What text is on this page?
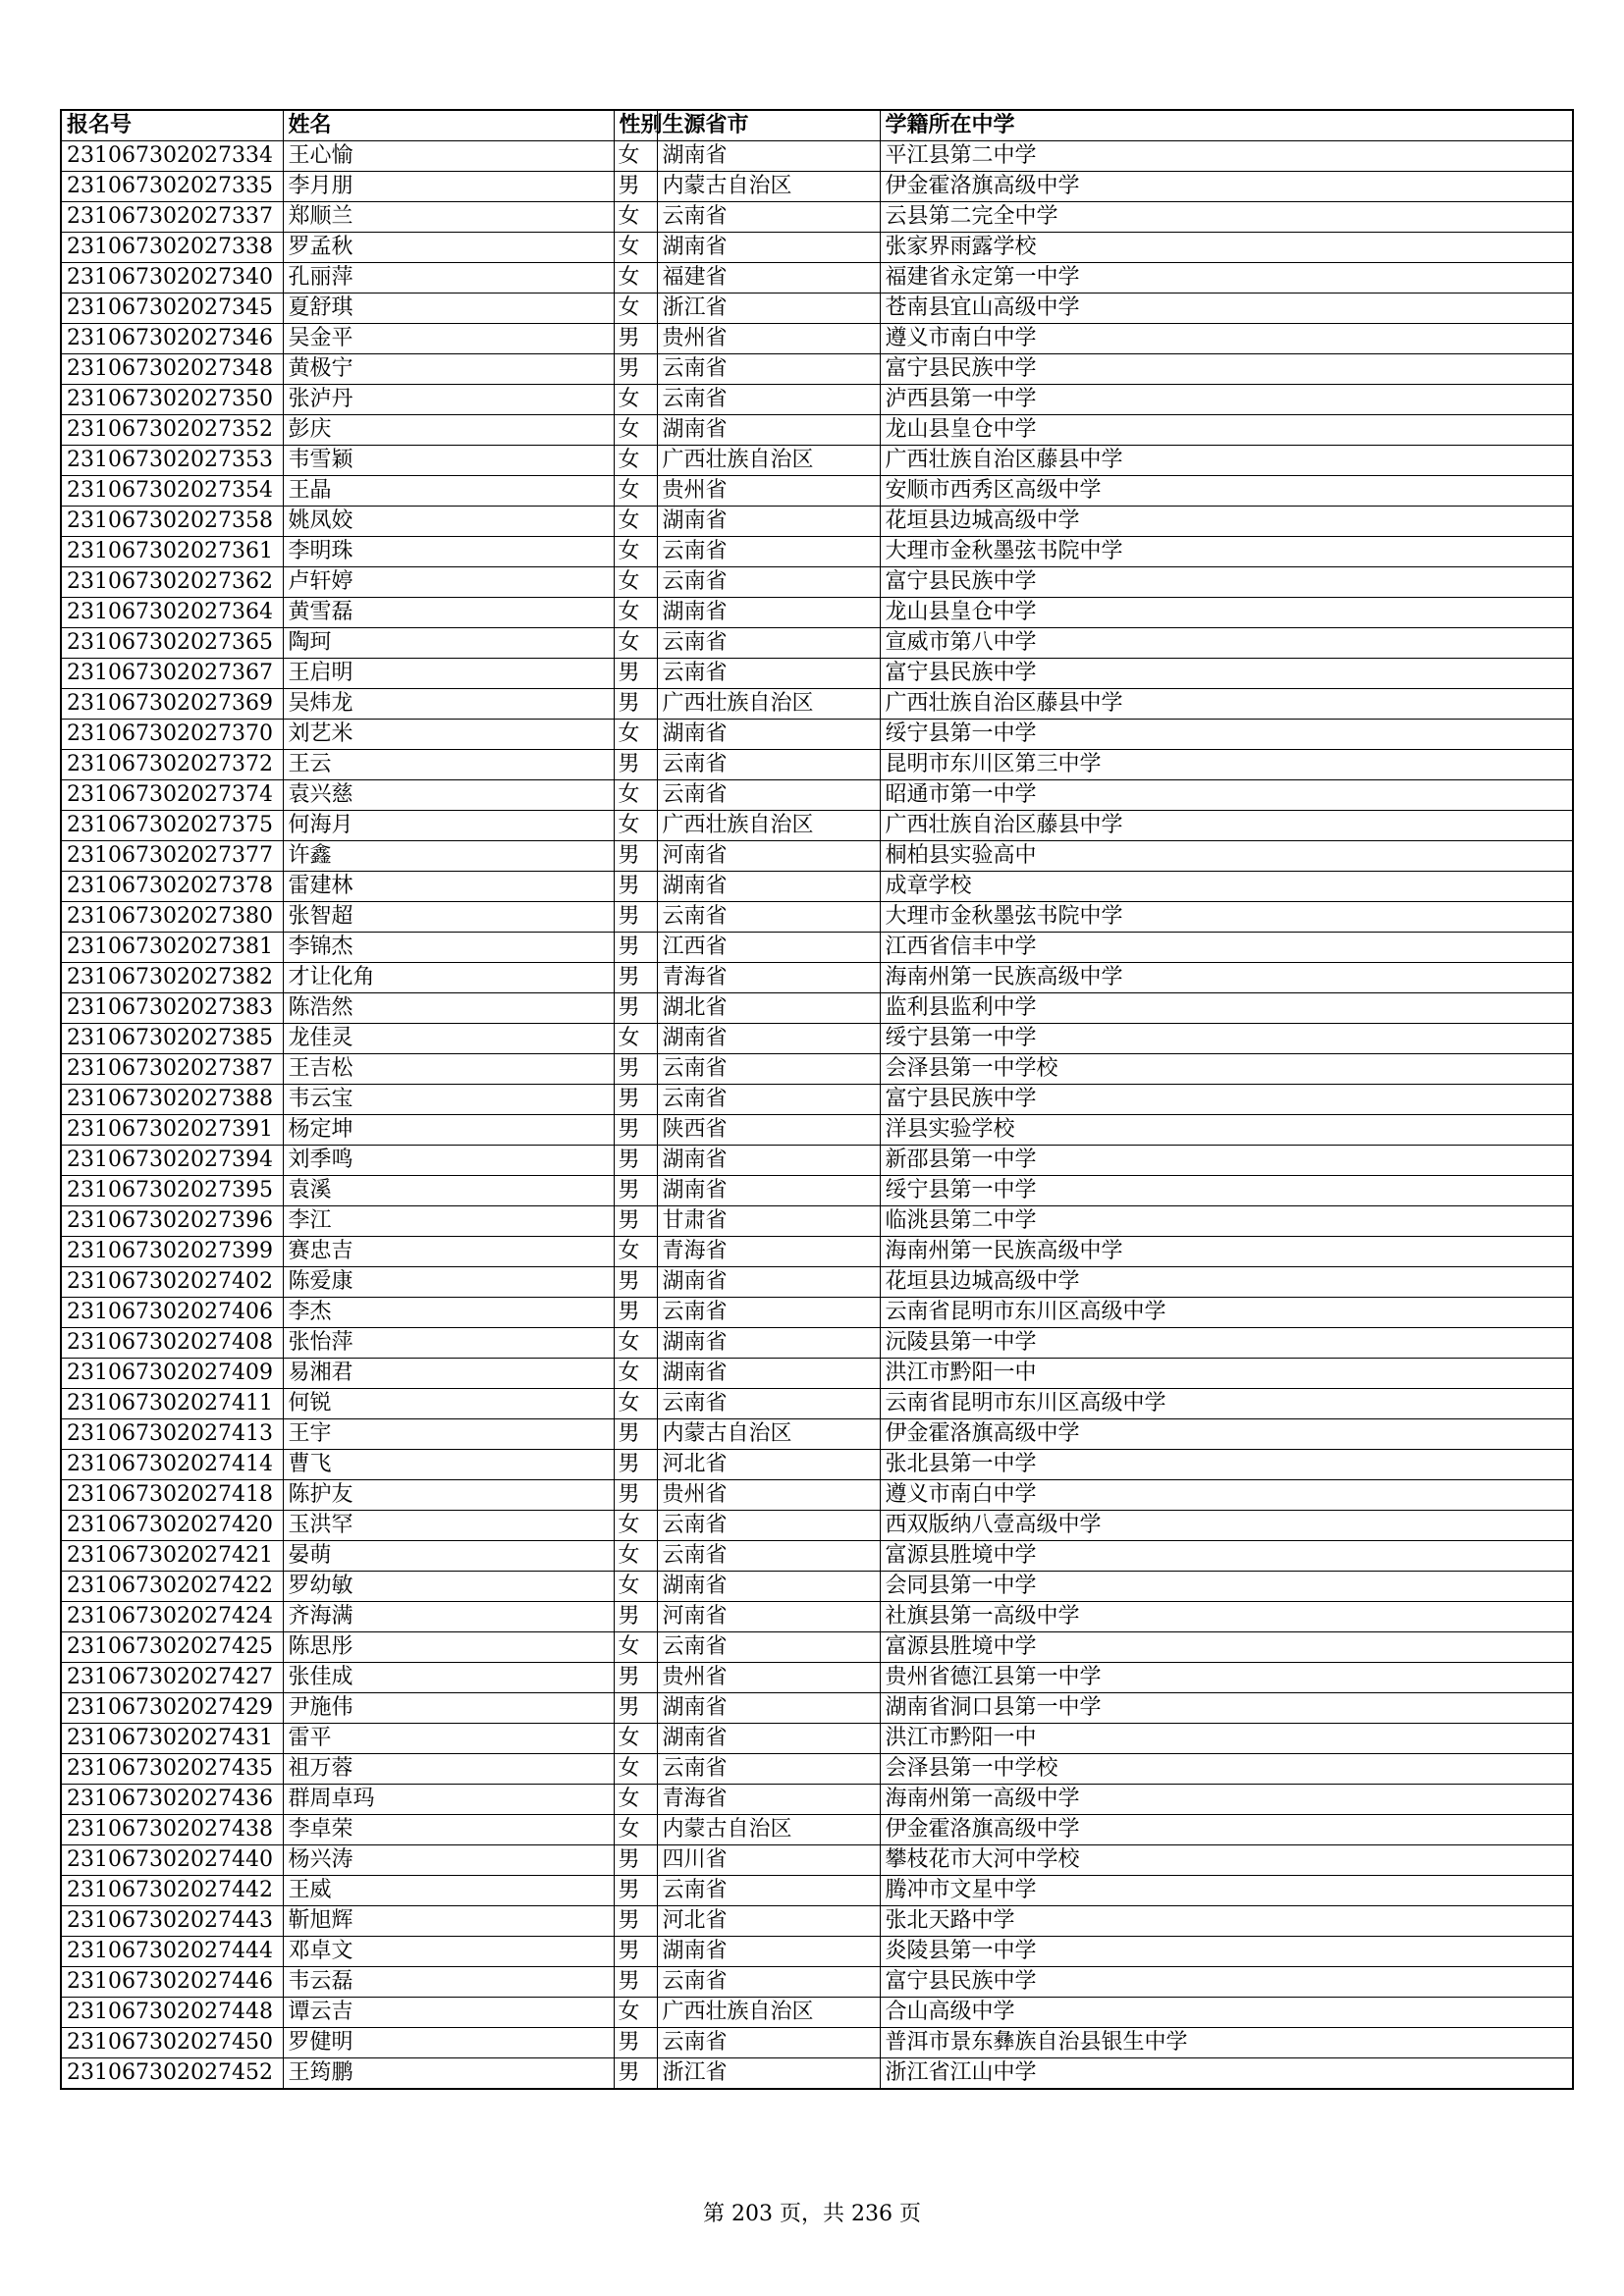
报名号	姓名	性别	生源省市	学籍所在中学
231067302027334	王心愉	女	湖南省	平江县第二中学
231067302027335	李月朋	男	内蒙古自治区	伊金霍洛旗高级中学
231067302027337	郑顺兰	女	云南省	云县第二完全中学
231067302027338	罗孟秋	女	湖南省	张家界雨露学校
231067302027340	孔丽萍	女	福建省	福建省永定第一中学
231067302027345	夏舒琪	女	浙江省	苍南县宜山高级中学
231067302027346	吴金平	男	贵州省	遵义市南白中学
231067302027348	黄极宁	男	云南省	富宁县民族中学
231067302027350	张泸丹	女	云南省	泸西县第一中学
231067302027352	彭庆	女	湖南省	龙山县皇仓中学
231067302027353	韦雪颖	女	广西壮族自治区	广西壮族自治区藤县中学
231067302027354	王晶	女	贵州省	安顺市西秀区高级中学
231067302027358	姚凤姣	女	湖南省	花垣县边城高级中学
231067302027361	李明珠	女	云南省	大理市金秋墨弦书院中学
231067302027362	卢轩婷	女	云南省	富宁县民族中学
231067302027364	黄雪磊	女	湖南省	龙山县皇仓中学
231067302027365	陶珂	女	云南省	宣威市第八中学
231067302027367	王启明	男	云南省	富宁县民族中学
231067302027369	吴炜龙	男	广西壮族自治区	广西壮族自治区藤县中学
231067302027370	刘艺米	女	湖南省	绥宁县第一中学
231067302027372	王云	男	云南省	昆明市东川区第三中学
231067302027374	袁兴慈	女	云南省	昭通市第一中学
231067302027375	何海月	女	广西壮族自治区	广西壮族自治区藤县中学
231067302027377	许鑫	男	河南省	桐柏县实验高中
231067302027378	雷建林	男	湖南省	成章学校
231067302027380	张智超	男	云南省	大理市金秋墨弦书院中学
231067302027381	李锦杰	男	江西省	江西省信丰中学
231067302027382	才让化角	男	青海省	海南州第一民族高级中学
231067302027383	陈浩然	男	湖北省	监利县监利中学
231067302027385	龙佳灵	女	湖南省	绥宁县第一中学
231067302027387	王吉松	男	云南省	会泽县第一中学校
231067302027388	韦云宝	男	云南省	富宁县民族中学
231067302027391	杨定坤	男	陕西省	洋县实验学校
231067302027394	刘季鸣	男	湖南省	新邵县第一中学
231067302027395	袁溪	男	湖南省	绥宁县第一中学
231067302027396	李江	男	甘肃省	临洮县第二中学
231067302027399	赛忠吉	女	青海省	海南州第一民族高级中学
231067302027402	陈爱康	男	湖南省	花垣县边城高级中学
231067302027406	李杰	男	云南省	云南省昆明市东川区高级中学
231067302027408	张怡萍	女	湖南省	沅陵县第一中学
231067302027409	易湘君	女	湖南省	洪江市黔阳一中
231067302027411	何锐	女	云南省	云南省昆明市东川区高级中学
231067302027413	王宇	男	内蒙古自治区	伊金霍洛旗高级中学
231067302027414	曹飞	男	河北省	张北县第一中学
231067302027418	陈护友	男	贵州省	遵义市南白中学
231067302027420	玉洪罕	女	云南省	西双版纳八壹高级中学
231067302027421	晏萌	女	云南省	富源县胜境中学
231067302027422	罗幼敏	女	湖南省	会同县第一中学
231067302027424	齐海满	男	河南省	社旗县第一高级中学
231067302027425	陈思彤	女	云南省	富源县胜境中学
231067302027427	张佳成	男	贵州省	贵州省德江县第一中学
231067302027429	尹施伟	男	湖南省	湖南省洞口县第一中学
231067302027431	雷平	女	湖南省	洪江市黔阳一中
231067302027435	祖万蓉	女	云南省	会泽县第一中学校
231067302027436	群周卓玛	女	青海省	海南州第一高级中学
231067302027438	李卓荣	女	内蒙古自治区	伊金霍洛旗高级中学
231067302027440	杨兴涛	男	四川省	攀枝花市大河中学校
231067302027442	王威	男	云南省	腾冲市文星中学
231067302027443	靳旭辉	男	河北省	张北天路中学
231067302027444	邓卓文	男	湖南省	炎陵县第一中学
231067302027446	韦云磊	男	云南省	富宁县民族中学
231067302027448	谭云吉	女	广西壮族自治区	合山高级中学
231067302027450	罗健明	男	云南省	普洱市景东彝族自治县银生中学
231067302027452	王筠鹏	男	浙江省	浙江省江山中学
第 203 页，共 236 页
